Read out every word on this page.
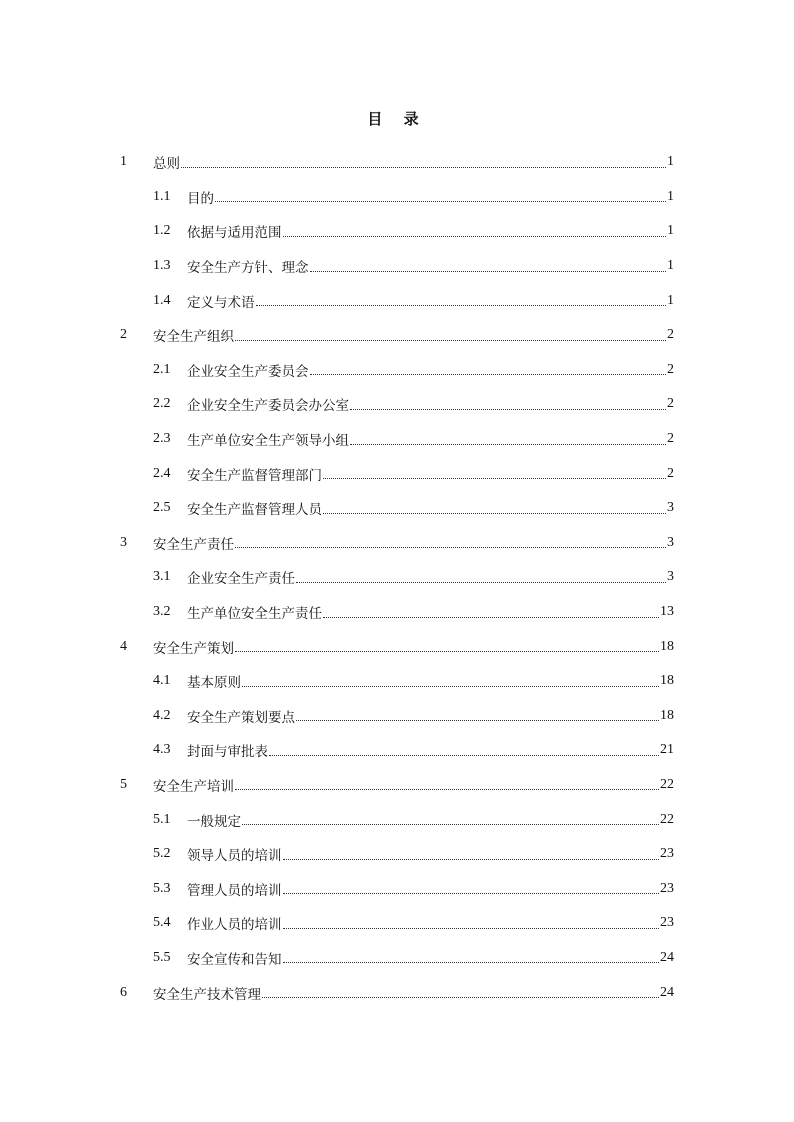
目 录
1	总则	1
1.1	目的	1
1.2	依据与适用范围	1
1.3	安全生产方针、理念	1
1.4	定义与术语	1
2	安全生产组织	2
2.1	企业安全生产委员会	2
2.2	企业安全生产委员会办公室	2
2.3	生产单位安全生产领导小组	2
2.4	安全生产监督管理部门	2
2.5	安全生产监督管理人员	3
3	安全生产责任	3
3.1	企业安全生产责任	3
3.2	生产单位安全生产责任	13
4	安全生产策划	18
4.1	基本原则	18
4.2	安全生产策划要点	18
4.3	封面与审批表	21
5	安全生产培训	22
5.1	一般规定	22
5.2	领导人员的培训	23
5.3	管理人员的培训	23
5.4	作业人员的培训	23
5.5	安全宣传和告知	24
6	安全生产技术管理	24
